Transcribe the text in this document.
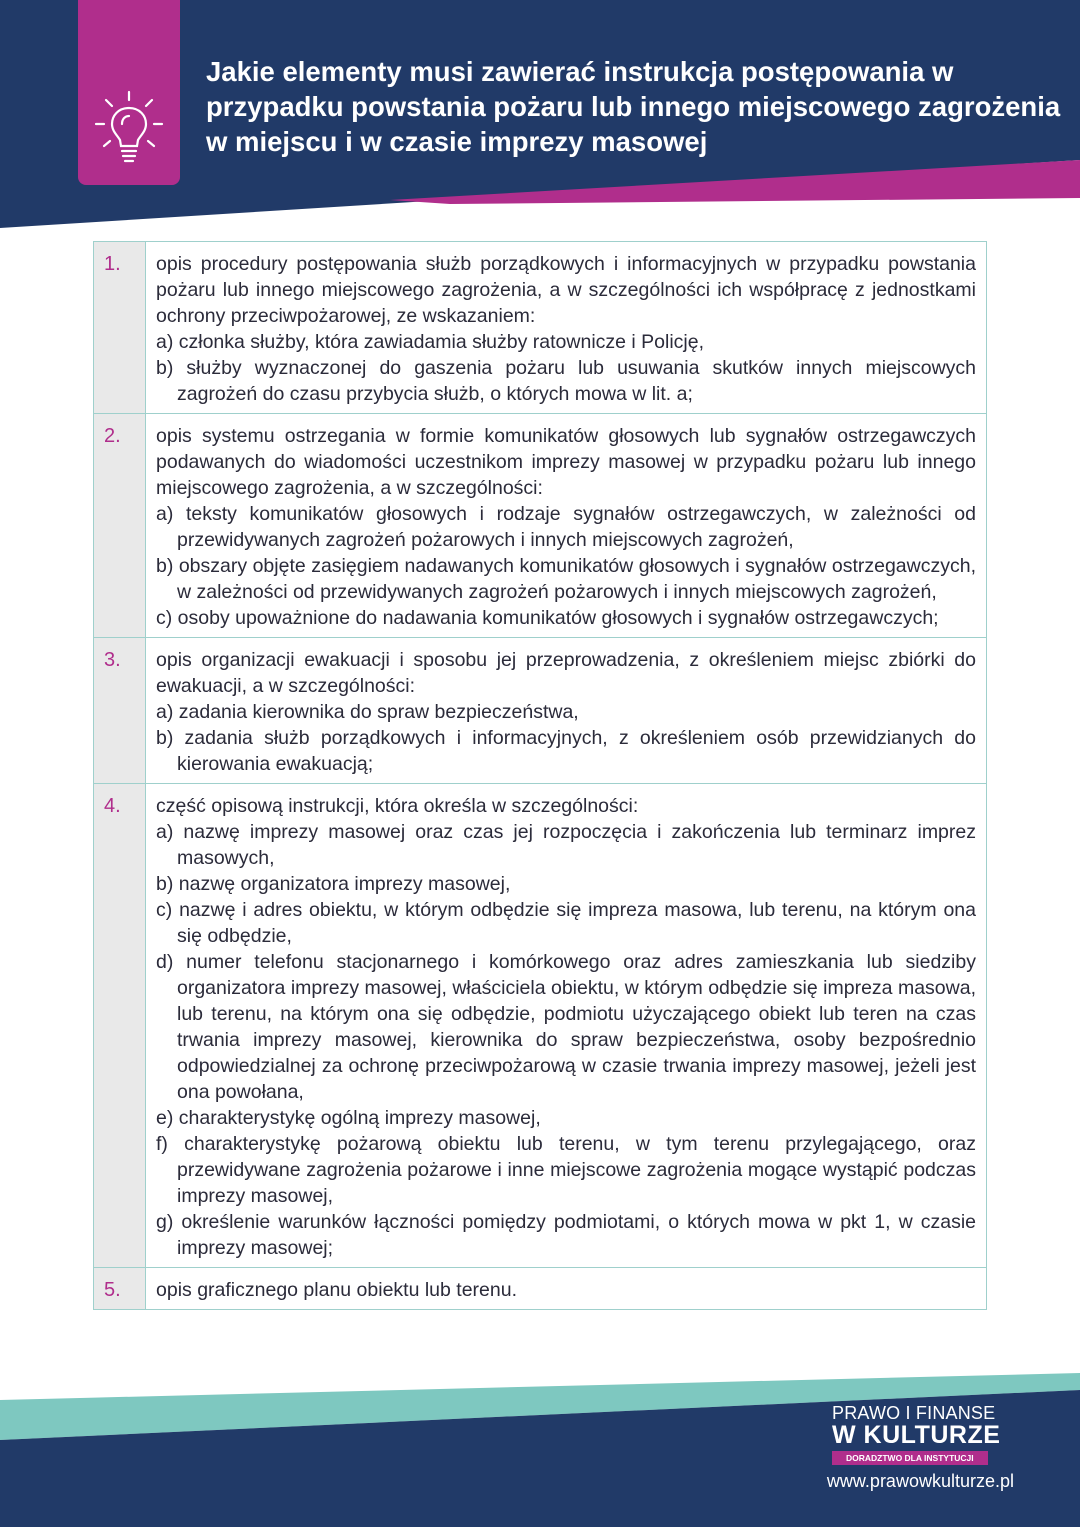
Jakie elementy musi zawierać instrukcja postępowania w przypadku powstania pożaru lub innego miejscowego zagrożenia w miejscu i w czasie imprezy masowej
1.	opis procedury postępowania służb porządkowych i informacyjnych w przypadku powstania pożaru lub innego miejscowego zagrożenia, a w szczególności ich współpracę z jednostkami ochrony przeciwpożarowej, ze wskazaniem:

a) członka służby, która zawiadamia służby ratownicze i Policję,

b) służby wyznaczonej do gaszenia pożaru lub usuwania skutków innych miejscowych zagrożeń do czasu przybycia służb, o których mowa w lit. a;

2.	opis systemu ostrzegania w formie komunikatów głosowych lub sygnałów ostrzegawczych podawanych do wiadomości uczestnikom imprezy masowej w przypadku pożaru lub innego miejscowego zagrożenia, a w szczególności:

a) teksty komunikatów głosowych i rodzaje sygnałów ostrzegawczych, w zależności od przewidywanych zagrożeń pożarowych i innych miejscowych zagrożeń,

b) obszary objęte zasięgiem nadawanych komunikatów głosowych i sygnałów ostrzegawczych, w zależności od przewidywanych zagrożeń pożarowych i innych miejscowych zagrożeń,

c) osoby upoważnione do nadawania komunikatów głosowych i sygnałów ostrzegawczych;

3.	opis organizacji ewakuacji i sposobu jej przeprowadzenia, z określeniem miejsc zbiórki do ewakuacji, a w szczególności:

a) zadania kierownika do spraw bezpieczeństwa,

b) zadania służb porządkowych i informacyjnych, z określeniem osób przewidzianych do kierowania ewakuacją;

4.	część opisową instrukcji, która określa w szczególności:

a) nazwę imprezy masowej oraz czas jej rozpoczęcia i zakończenia lub terminarz imprez masowych,

b) nazwę organizatora imprezy masowej,

c) nazwę i adres obiektu, w którym odbędzie się impreza masowa, lub terenu, na którym ona się odbędzie,

d) numer telefonu stacjonarnego i komórkowego oraz adres zamieszkania lub siedziby organizatora imprezy masowej, właściciela obiektu, w którym odbędzie się impreza masowa, lub terenu, na którym ona się odbędzie, podmiotu użyczającego obiekt lub teren na czas trwania imprezy masowej, kierownika do spraw bezpieczeństwa, osoby bezpośrednio odpowiedzialnej za ochronę przeciwpożarową w czasie trwania imprezy masowej, jeżeli jest ona powołana,

e) charakterystykę ogólną imprezy masowej,

f) charakterystykę pożarową obiektu lub terenu, w tym terenu przylegającego, oraz przewidywane zagrożenia pożarowe i inne miejscowe zagrożenia mogące wystąpić podczas imprezy masowej,

g) określenie warunków łączności pomiędzy podmiotami, o których mowa w pkt 1, w czasie imprezy masowej;

5.	opis graficznego planu obiektu lub terenu.

PRAWO I FINANSE
W KULTURZE
DORADZTWO DLA INSTYTUCJI
www.prawowkulturze.pl
